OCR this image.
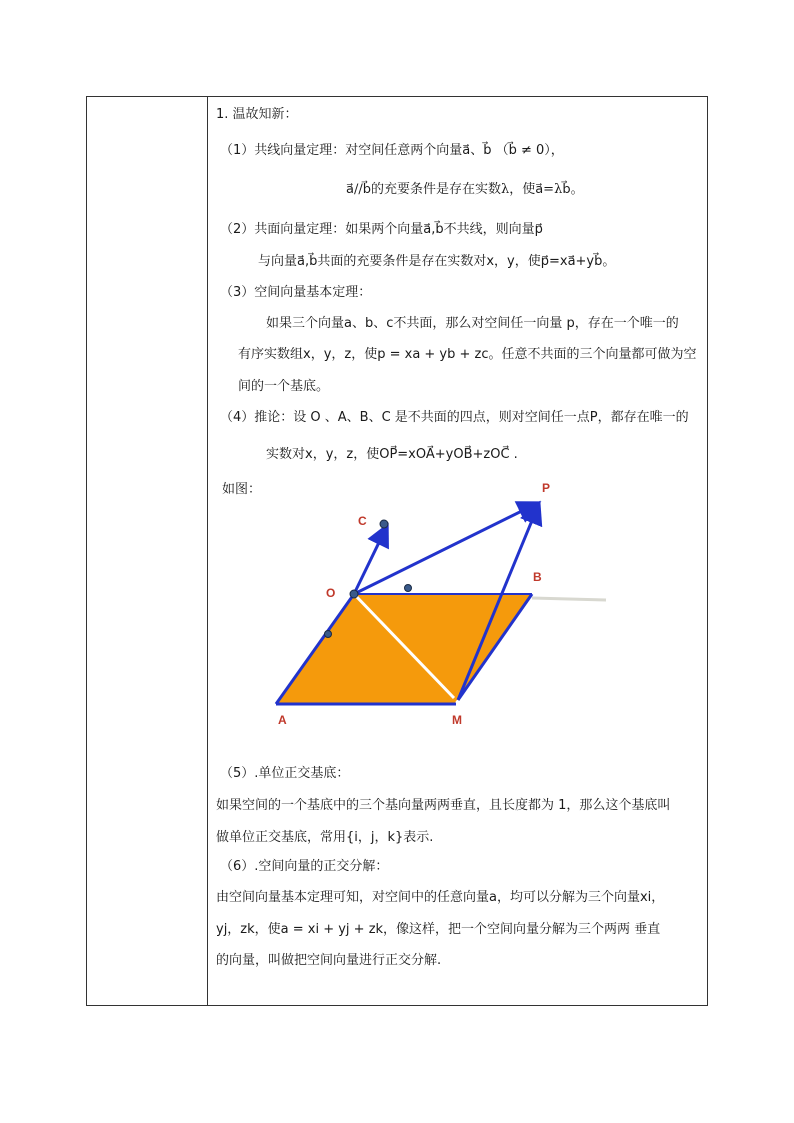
1. 温故知新：
（1）共线向量定理：对空间任意两个向量a⃗、b⃗ （b⃗ ≠ 0），
a⃗//b⃗的充要条件是存在实数λ，使a⃗=λb⃗。
（2）共面向量定理：如果两个向量a⃗,b⃗不共线，则向量p⃗
与向量a⃗,b⃗共面的充要条件是存在实数对x，y，使p⃗=xa⃗+yb⃗。
（3）空间向量基本定理：
如果三个向量a、b、c不共面，那么对空间任一向量 p，存在一个唯一的
有序实数组x，y，z，使p = xa + yb + zc。任意不共面的三个向量都可做为空
间的一个基底。
（4）推论：设 O 、A、B、C 是不共面的四点，则对空间任一点P，都存在唯一的
实数对x，y，z，使OP⃗=xOA⃗+yOB⃗+zOC⃗ .
如图：
A	M
O
B
C
P
（5）.单位正交基底：
如果空间的一个基底中的三个基向量两两垂直，且长度都为 1，那么这个基底叫
做单位正交基底，常用{i，j，k}表示.
（6）.空间向量的正交分解：
由空间向量基本定理可知，对空间中的任意向量a，均可以分解为三个向量xi，
yj，zk，使a = xi + yj + zk，像这样，把一个空间向量分解为三个两两 垂直
的向量，叫做把空间向量进行正交分解.
